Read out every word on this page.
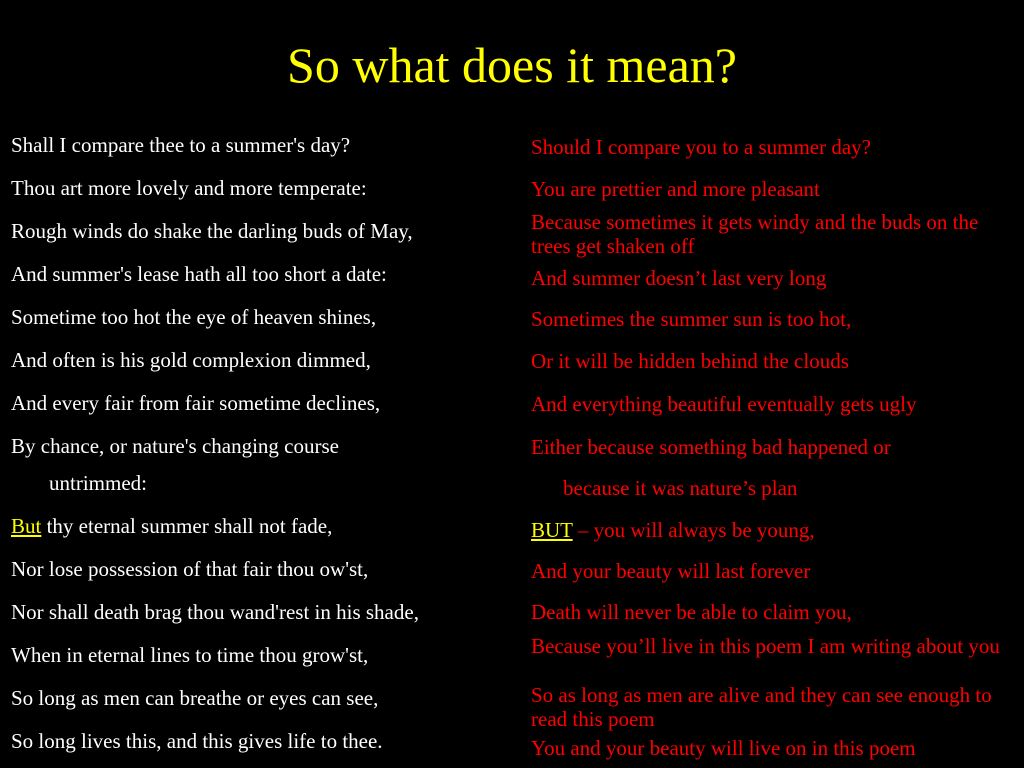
So what does it mean?
Shall I compare thee to a summer's day?
Thou art more lovely and more temperate:
Rough winds do shake the darling buds of May,
And summer's lease hath all too short a date:
Sometime too hot the eye of heaven shines,
And often is his gold complexion dimmed,
And every fair from fair sometime declines,
By chance, or nature's changing course
untrimmed:
But thy eternal summer shall not fade,
Nor lose possession of that fair thou ow'st,
Nor shall death brag thou wand'rest in his shade,
When in eternal lines to time thou grow'st,
So long as men can breathe or eyes can see,
So long lives this, and this gives life to thee.
Should I compare you to a summer day?
You are prettier and more pleasant
Because sometimes it gets windy and the buds on the trees get shaken off
And summer doesn’t last very long
Sometimes the summer sun is too hot,
Or it will be hidden behind the clouds
And everything beautiful eventually gets ugly
Either because something bad happened or
because it was nature’s plan
BUT – you will always be young,
And your beauty will last forever
Death will never be able to claim you,
Because you’ll live in this poem I am writing about you
So as long as men are alive and they can see enough to read this poem
You and your beauty will live on in this poem
